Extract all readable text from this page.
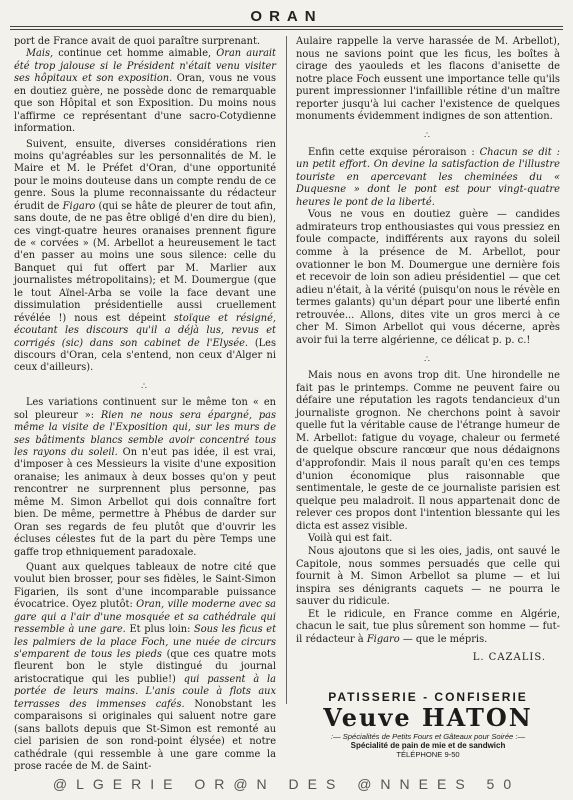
ORAN

port de France avait de quoi paraître surprenant.

Mais, continue cet homme aimable, Oran aurait été trop jalouse si le Président n'était venu visiter ses hôpitaux et son exposition. Oran, vous ne vous en doutiez guère, ne possède donc de remarquable que son Hôpital et son Exposition. Du moins nous l'affirme ce représentant d'une sacro-Cotydienne information.

Suivent, ensuite, diverses considérations rien moins qu'agréables sur les personnalités de M. le Maire et M. le Préfet d'Oran, d'une opportunité pour le moins douteuse dans un compte rendu de ce genre. Sous la plume reconnaissante du rédacteur érudit de Figaro (qui se hâte de pleurer de tout afin, sans doute, de ne pas être obligé d'en dire du bien), ces vingt-quatre heures oranaises prennent figure de « corvées » (M. Arbellot a heureusement le tact d'en passer au moins une sous silence: celle du Banquet qui fut offert par M. Marlier aux journalistes métropolitains); et M. Doumergue (que le tout Aïnel-Arba se voile la face devant une dissimulation présidentielle aussi cruellement révélée !) nous est dépeint stoïque et résigné, écoutant les discours qu'il a déjà lus, revus et corrigés (sic) dans son cabinet de l'Elysée. (Les discours d'Oran, cela s'entend, non ceux d'Alger ni ceux d'ailleurs).

∴

Les variations continuent sur le même ton « en sol pleureur »: Rien ne nous sera épargné, pas même la visite de l'Exposition qui, sur les murs de ses bâtiments blancs semble avoir concentré tous les rayons du soleil. On n'eut pas idée, il est vrai, d'imposer à ces Messieurs la visite d'une exposition oranaise; les animaux à deux bosses qu'on y peut rencontrer ne surprennent plus personne, pas même M. Simon Arbellot qui dois connaître fort bien. De même, permettre à Phébus de darder sur Oran ses regards de feu plutôt que d'ouvrir les écluses célestes fut de la part du père Temps une gaffe trop ethniquement paradoxale.

Quant aux quelques tableaux de notre cité que voulut bien brosser, pour ses fidèles, le Saint-Simon Figarien, ils sont d'une incomparable puissance évocatrice. Oyez plutôt: Oran, ville moderne avec sa gare qui a l'air d'une mosquée et sa cathédrale qui ressemble à une gare. Et plus loin: Sous les ficus et les palmiers de la place Foch, une nuée de circurs s'emparent de tous les pieds (que ces quatre mots fleurent bon le style distingué du journal aristocratique qui les publie!) qui passent à la portée de leurs mains. L'anis coule à flots aux terrasses des immenses cafés. Nonobstant les comparaisons si originales qui saluent notre gare (sans ballots depuis que St-Simon est remonté au ciel parisien de son rond-point élysée) et notre cathédrale (qui ressemble à une gare comme la prose racée de M. de Saint-

Aulaire rappelle la verve harassée de M. Arbellot), nous ne savions point que les ficus, les boîtes à cirage des yaouleds et les flacons d'anisette de notre place Foch eussent une importance telle qu'ils purent impressionner l'infaillible rétine d'un maître reporter jusqu'à lui cacher l'existence de quelques monuments évidemment indignes de son attention.

∴

Enfin cette exquise péroraison : Chacun se dit : un petit effort. On devine la satisfaction de l'illustre touriste en apercevant les cheminées du « Duquesne » dont le pont est pour vingt-quatre heures le pont de la liberté.

Vous ne vous en doutiez guère — candides admirateurs trop enthousiastes qui vous pressiez en foule compacte, indifférents aux rayons du soleil comme à la présence de M. Arbellot, pour ovationner le bon M. Doumergue une dernière fois et recevoir de loin son adieu présidentiel — que cet adieu n'était, à la vérité (puisqu'on nous le révèle en termes galants) qu'un départ pour une liberté enfin retrouvée... Allons, dites vite un gros merci à ce cher M. Simon Arbellot qui vous décerne, après avoir fui la terre algérienne, ce délicat p. p. c.!

∴

Mais nous en avons trop dit. Une hirondelle ne fait pas le printemps. Comme ne peuvent faire ou défaire une réputation les ragots tendancieux d'un journaliste grognon. Ne cherchons point à savoir quelle fut la véritable cause de l'étrange humeur de M. Arbellot: fatigue du voyage, chaleur ou fermeté de quelque obscure rancœur que nous dédaignons d'approfondir. Mais il nous paraît qu'en ces temps d'union économique plus raisonnable que sentimentale, le geste de ce journaliste parisien est quelque peu maladroit. Il nous appartenait donc de relever ces propos dont l'intention blessante qui les dicta est assez visible.

Voilà qui est fait.

Nous ajoutons que si les oies, jadis, ont sauvé le Capitole, nous sommes persuadés que celle qui fournit à M. Simon Arbellot sa plume — et lui inspira ses dénigrants caquets — ne pourra le sauver du ridicule.

Et le ridicule, en France comme en Algérie, chacun le sait, tue plus sûrement son homme — fut-il rédacteur à Figaro — que le mépris.

L. CAZALIS.
PATISSERIE - CONFISERIE
Veuve HATON
:— Spécialités de Petits Fours et Gâteaux pour Soirée :—
Spécialité de pain de mie et de sandwich
TÉLÉPHONE 9-50
@LGERIE OR@N DES @NNEES 50
